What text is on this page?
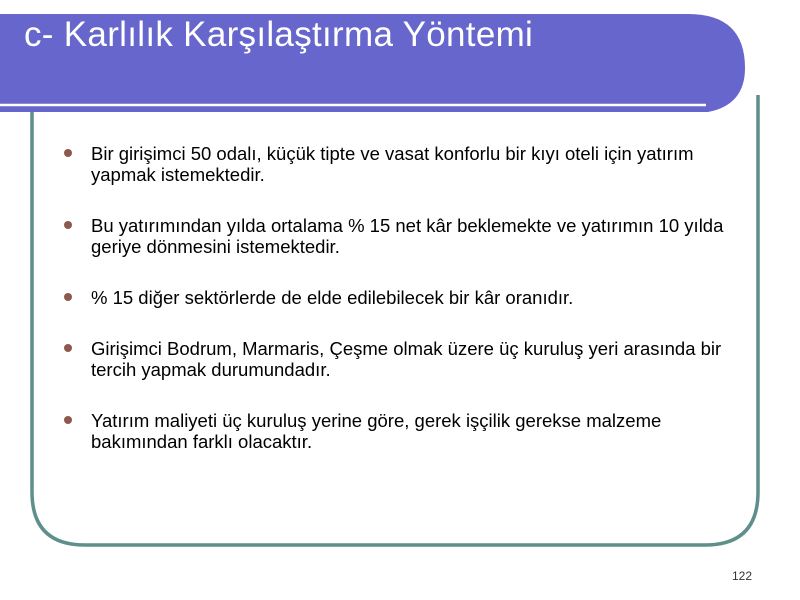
c- Karlılık Karşılaştırma Yöntemi
Bir girişimci 50 odalı, küçük tipte ve vasat konforlu bir kıyı oteli için yatırım yapmak istemektedir.
Bu yatırımından yılda ortalama % 15 net kâr beklemekte ve yatırımın 10 yılda geriye dönmesini istemektedir.
% 15 diğer sektörlerde de elde edilebilecek bir kâr oranıdır.
Girişimci Bodrum, Marmaris, Çeşme olmak üzere üç kuruluş yeri arasında bir tercih yapmak durumundadır.
Yatırım maliyeti üç kuruluş yerine göre, gerek işçilik gerekse malzeme bakımından farklı olacaktır.
122
